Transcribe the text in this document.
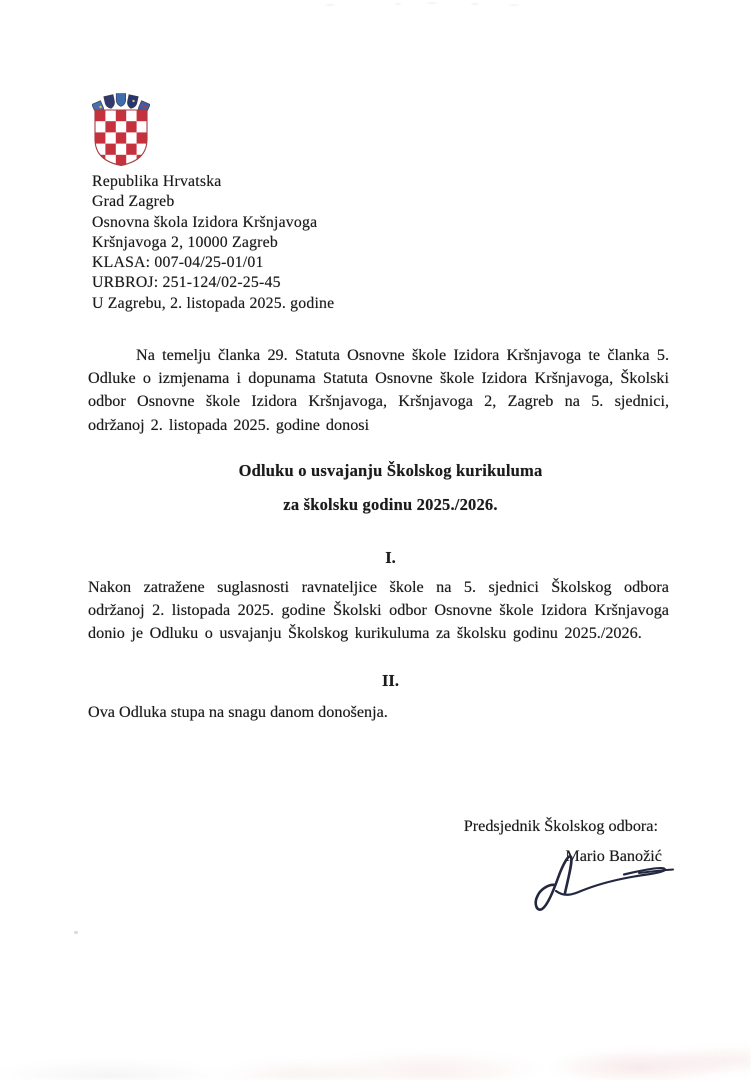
Republika Hrvatska
Grad Zagreb
Osnovna škola Izidora Kršnjavoga
Kršnjavoga 2, 10000 Zagreb
KLASA: 007-04/25-01/01
URBROJ: 251-124/02-25-45
U Zagrebu, 2. listopada 2025. godine

Na temelju članka 29. Statuta Osnovne škole Izidora Kršnjavoga te članka 5. Odluke o izmjenama i dopunama Statuta Osnovne škole Izidora Kršnjavoga, Školski odbor Osnovne škole Izidora Kršnjavoga, Kršnjavoga 2, Zagreb na 5. sjednici, održanoj 2. listopada 2025. godine donosi

Odluku o usvajanju Školskog kurikuluma
za školsku godinu 2025./2026.
I.

Nakon zatražene suglasnosti ravnateljice škole na 5. sjednici Školskog odbora održanoj 2. listopada 2025. godine Školski odbor Osnovne škole Izidora Kršnjavoga donio je Odluku o usvajanju Školskog kurikuluma za školsku godinu 2025./2026.

II.

Ova Odluka stupa na snagu danom donošenja.

Predsjednik Školskog odbora:
Mario Banožić
